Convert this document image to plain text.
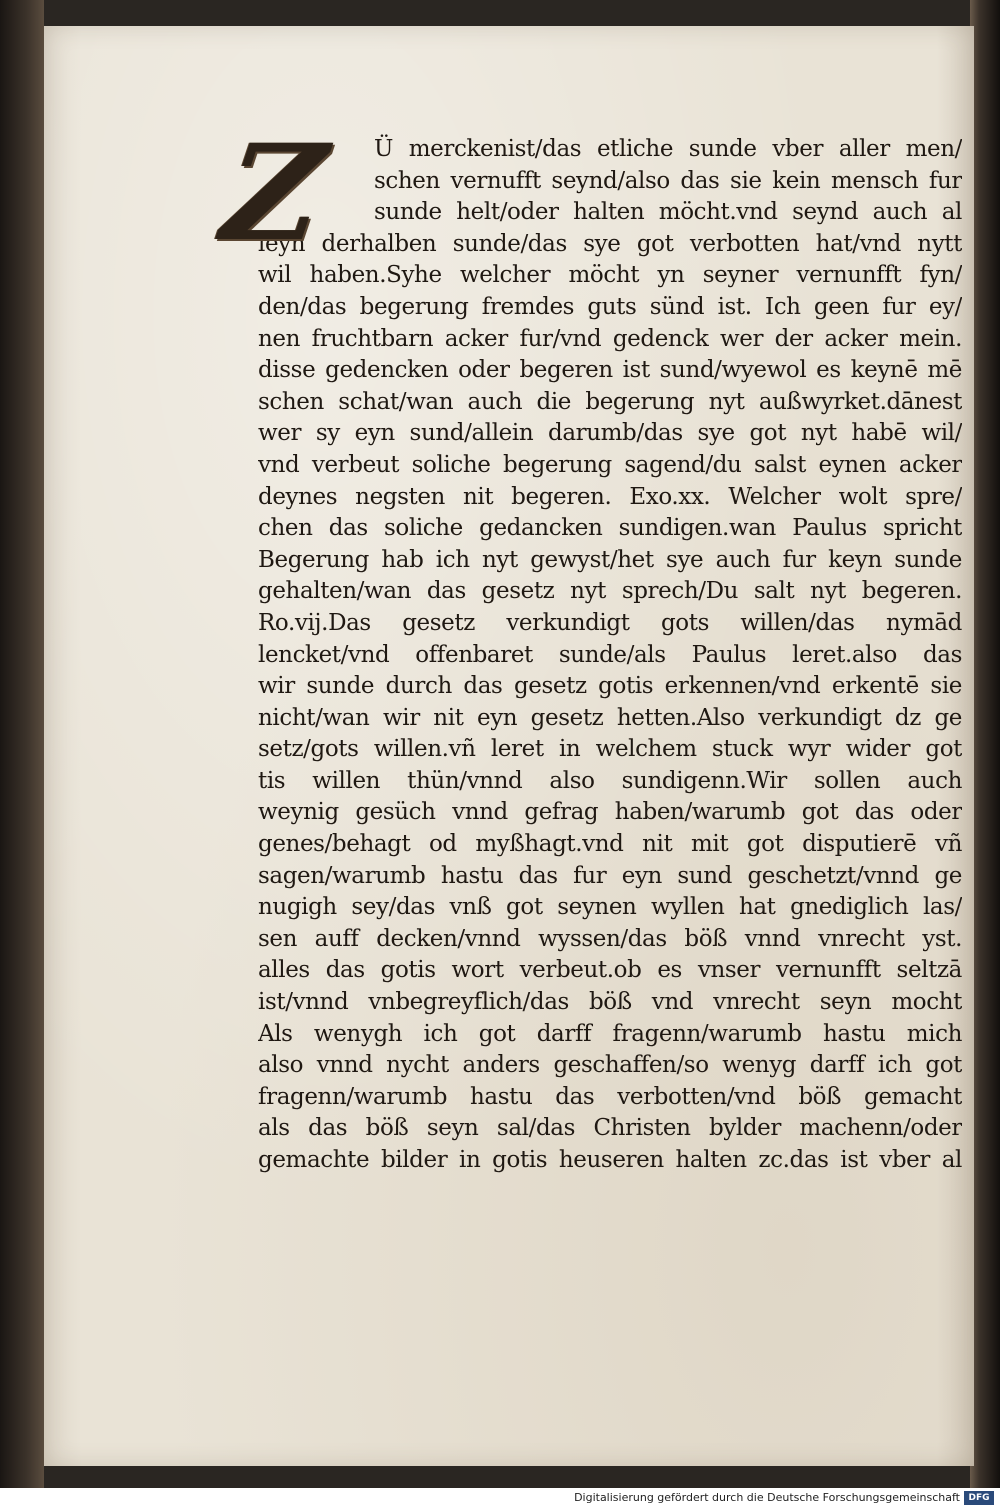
Z	Ü merckenist/das etliche sunde vber aller men/
schen vernufft seynd/also das sie kein mensch fur
sunde helt/oder halten möcht.vnd seynd auch al
leyn derhalben sunde/das sye got verbotten hat/vnd nytt
wil haben.Syhe welcher möcht yn seyner vernunfft fyn/
den/das begerung fremdes guts sünd ist. Ich geen fur ey/
nen fruchtbarn acker fur/vnd gedenck wer der acker mein.
disse gedencken oder begeren ist sund/wyewol es keynē mē
schen schat/wan auch die begerung nyt außwyrket.dānest
wer sy eyn sund/allein darumb/das sye got nyt habē wil/
vnd verbeut soliche begerung sagend/du salst eynen acker
deynes negsten nit begeren. Exo.xx. Welcher wolt spre/
chen das soliche gedancken sundigen.wan Paulus spricht
Begerung hab ich nyt gewyst/het sye auch fur keyn sunde
gehalten/wan das gesetz nyt sprech/Du salt nyt begeren.
Ro.vij.Das gesetz verkundigt gots willen/das nymād
lencket/vnd offenbaret sunde/als Paulus leret.also das
wir sunde durch das gesetz gotis erkennen/vnd erkentē sie
nicht/wan wir nit eyn gesetz hetten.Also verkundigt dz ge
setz/gots willen.vñ leret in welchem stuck wyr wider got
tis willen thün/vnnd also sundigenn.Wir sollen auch
weynig gesüch vnnd gefrag haben/warumb got das oder
genes/behagt od myßhagt.vnd nit mit got disputierē vñ
sagen/warumb hastu das fur eyn sund geschetzt/vnnd ge
nugigh sey/das vnß got seynen wyllen hat gnediglich las/
sen auff decken/vnnd wyssen/das böß vnnd vnrecht yst.
alles das gotis wort verbeut.ob es vnser vernunfft seltzā
ist/vnnd vnbegreyflich/das böß vnd vnrecht seyn mocht
Als wenygh ich got darff fragenn/warumb hastu mich
also vnnd nycht anders geschaffen/so wenyg darff ich got
fragenn/warumb hastu das verbotten/vnd böß gemacht
als das böß seyn sal/das Christen bylder machenn/oder
gemachte bilder in gotis heuseren halten zc.das ist vber al
Digitalisierung gefördert durch die Deutsche Forschungsgemeinschaft DFG
